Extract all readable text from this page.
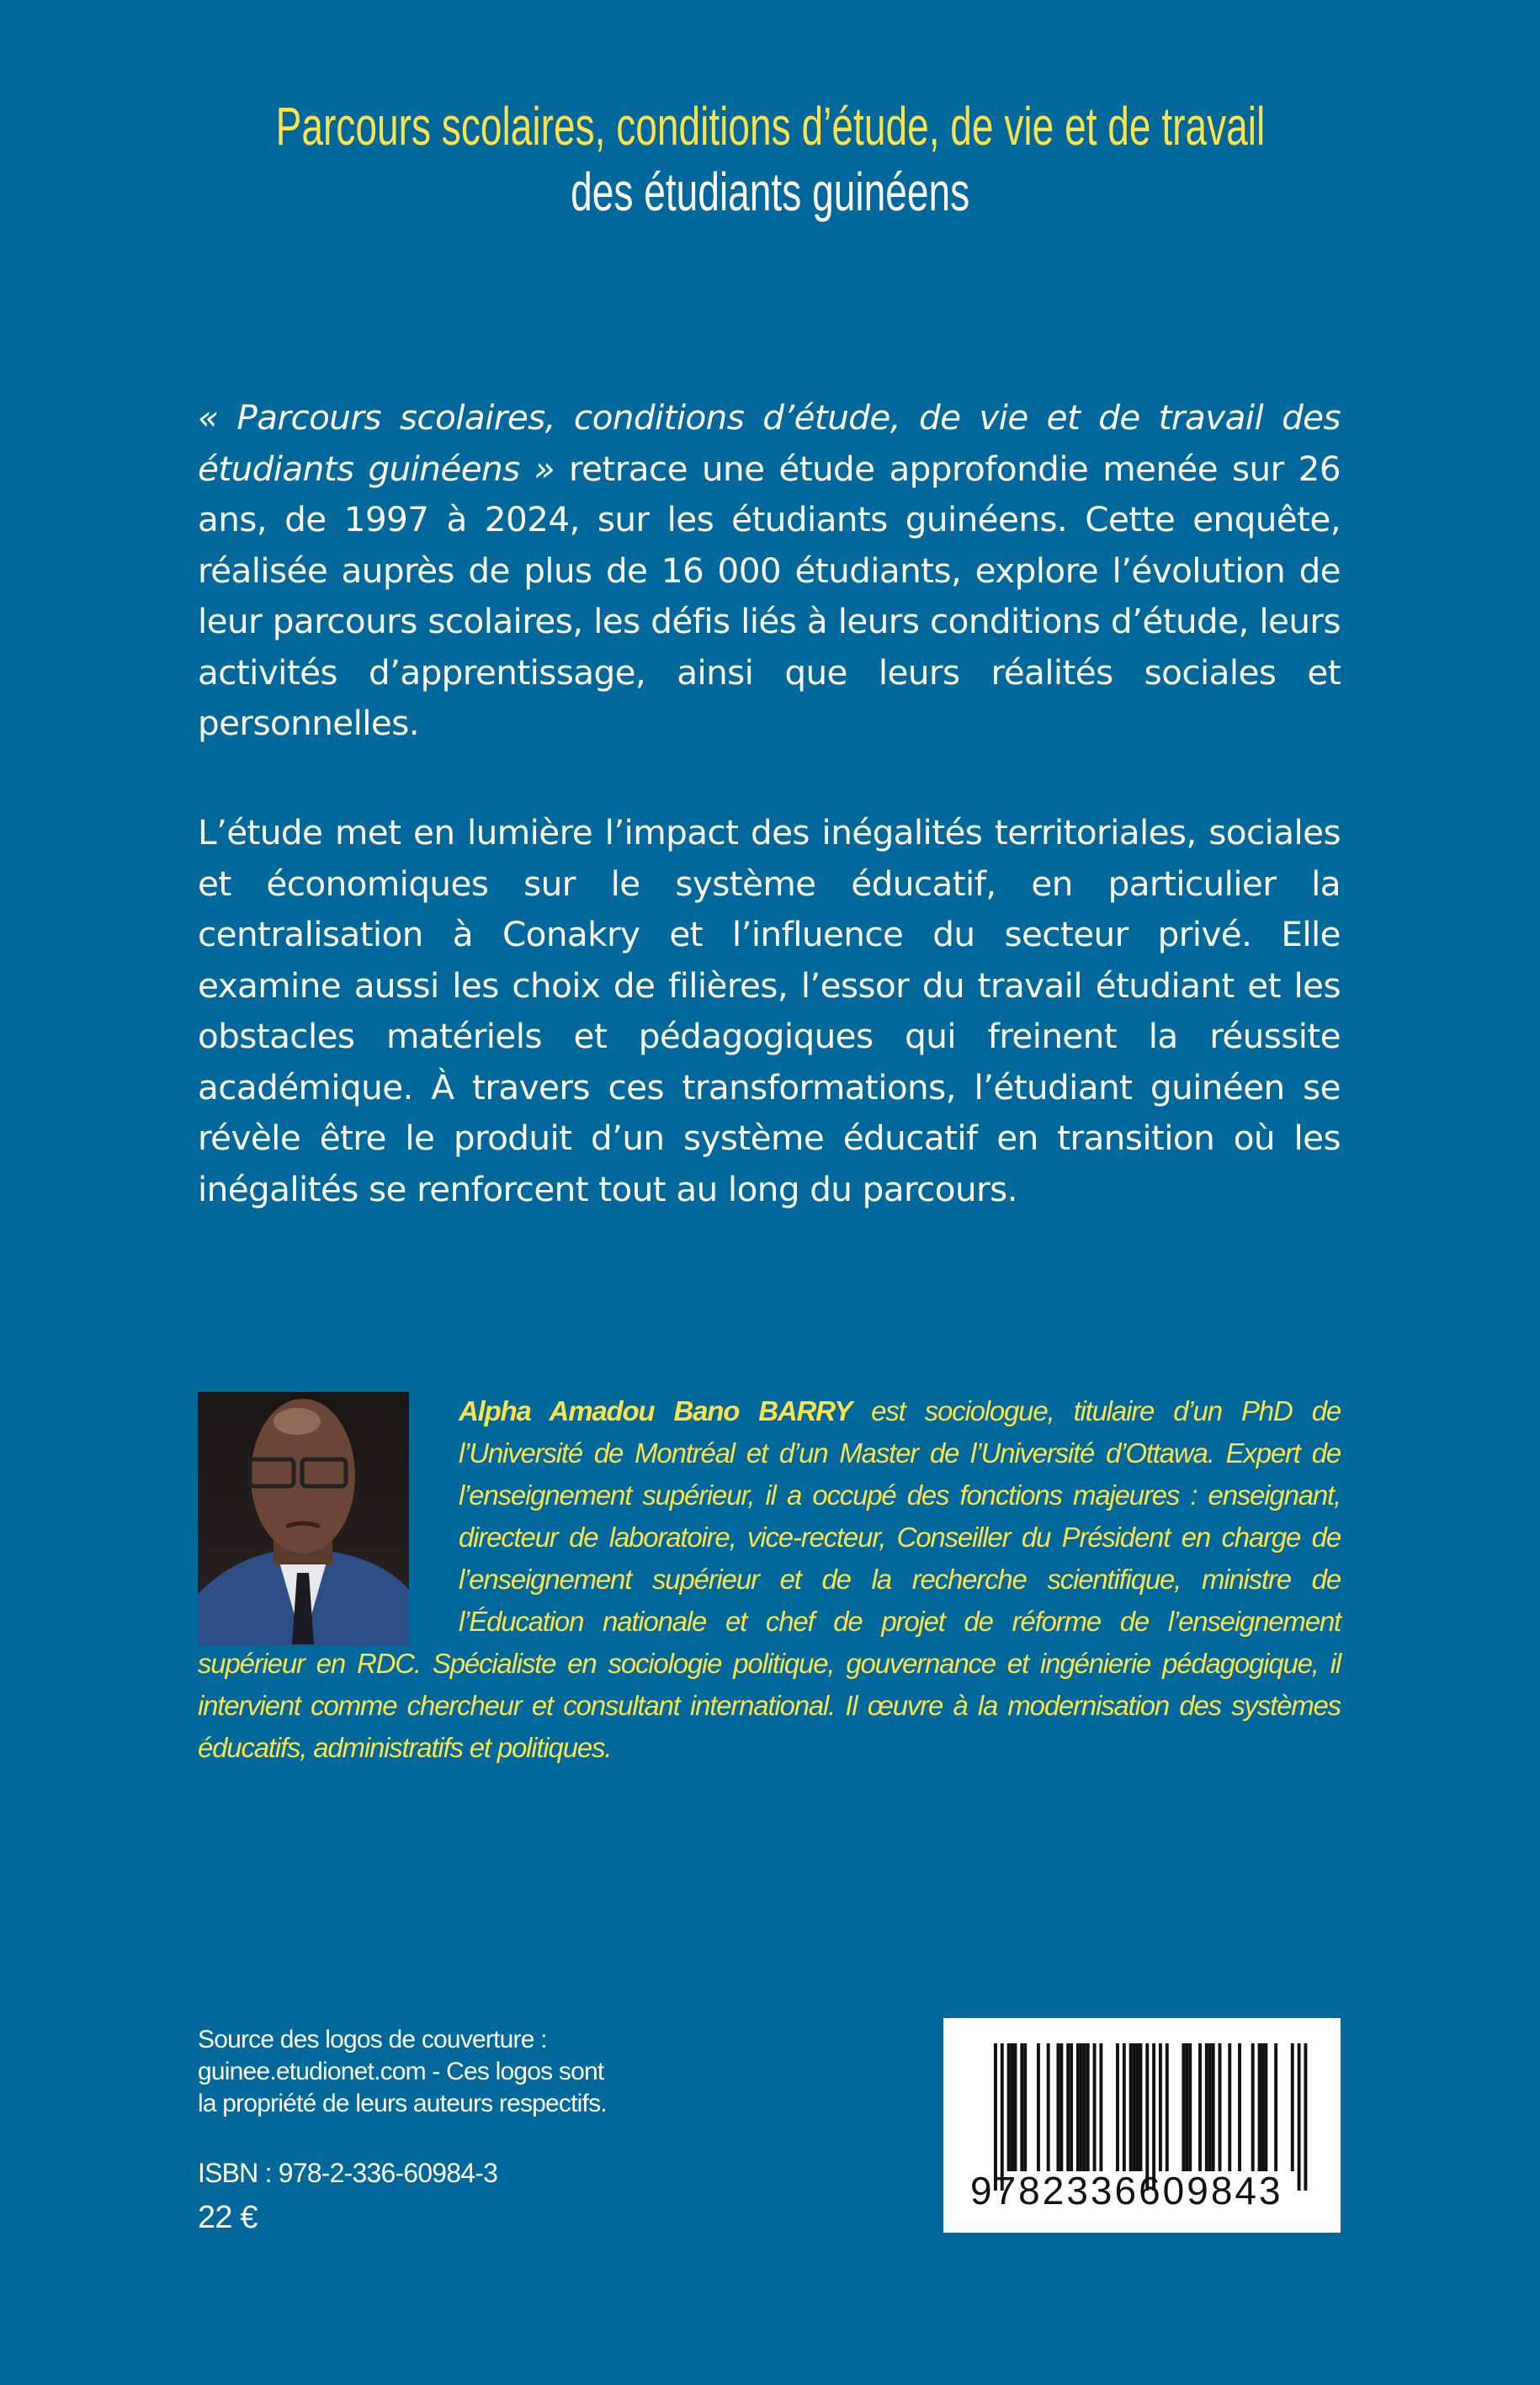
Parcours scolaires, conditions d’étude, de vie et de travail
des étudiants guinéens

« Parcours scolaires, conditions d’étude, de vie et de travail des étudiants guinéens » retrace une étude approfondie menée sur 26 ans, de 1997 à 2024, sur les étudiants guinéens. Cette enquête, réalisée auprès de plus de 16 000 étudiants, explore l’évolution de leur parcours scolaires, les défis liés à leurs conditions d’étude, leurs activités d’apprentissage, ainsi que leurs réalités sociales et personnelles.

L’étude met en lumière l’impact des inégalités territoriales, sociales et économiques sur le système éducatif, en particulier la centralisation à Conakry et l’influence du secteur privé. Elle examine aussi les choix de filières, l’essor du travail étudiant et les obstacles matériels et pédagogiques qui freinent la réussite académique. À travers ces transformations, l’étudiant guinéen se révèle être le produit d’un système éducatif en transition où les inégalités se renforcent tout au long du parcours.

Alpha Amadou Bano BARRY est sociologue, titulaire d’un PhD de l’Université de Montréal et d’un Master de l’Université d’Ottawa. Expert de l’enseignement supérieur, il a occupé des fonctions majeures : enseignant, directeur de laboratoire, vice-recteur, Conseiller du Président en charge de l’enseignement supérieur et de la recherche scientifique, ministre de l’Éducation nationale et chef de projet de réforme de l’enseignement supérieur en RDC. Spécialiste en sociologie politique, gouvernance et ingénierie pédagogique, il intervient comme chercheur et consultant international. Il œuvre à la modernisation des systèmes éducatifs, administratifs et politiques.

Source des logos de couverture :
guinee.etudionet.com - Ces logos sont
la propriété de leurs auteurs respectifs.
ISBN : 978-2-336-60984-3
22 €
9782336609843
